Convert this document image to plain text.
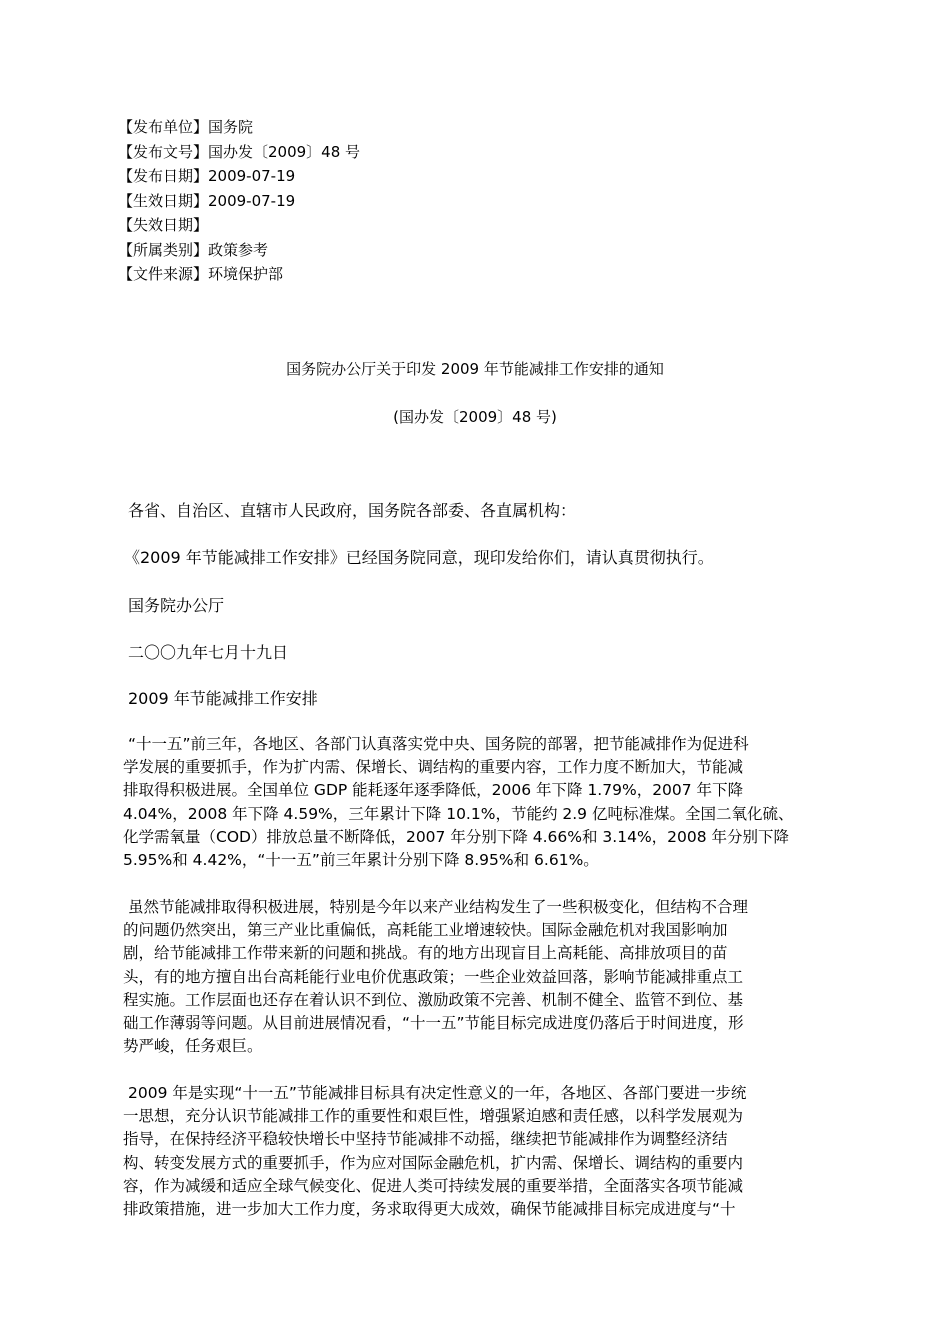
【发布单位】国务院
【发布文号】国办发〔2009〕48 号
【发布日期】2009-07-19
【生效日期】2009-07-19
【失效日期】
【所属类别】政策参考
【文件来源】环境保护部
国务院办公厅关于印发 2009 年节能减排工作安排的通知
(国办发〔2009〕48 号)
各省、自治区、直辖市人民政府，国务院各部委、各直属机构：
《2009 年节能减排工作安排》已经国务院同意，现印发给你们，请认真贯彻执行。
国务院办公厅
二〇〇九年七月十九日
2009 年节能减排工作安排
“十一五”前三年，各地区、各部门认真落实党中央、国务院的部署，把节能减排作为促进科
学发展的重要抓手，作为扩内需、保增长、调结构的重要内容，工作力度不断加大，节能减
排取得积极进展。全国单位 GDP 能耗逐年逐季降低，2006 年下降 1.79%，2007 年下降
4.04%，2008 年下降 4.59%，三年累计下降 10.1%，节能约 2.9 亿吨标准煤。全国二氧化硫、
化学需氧量（COD）排放总量不断降低，2007 年分别下降 4.66%和 3.14%，2008 年分别下降
5.95%和 4.42%，“十一五”前三年累计分别下降 8.95%和 6.61%。
虽然节能减排取得积极进展，特别是今年以来产业结构发生了一些积极变化，但结构不合理
的问题仍然突出，第三产业比重偏低，高耗能工业增速较快。国际金融危机对我国影响加
剧，给节能减排工作带来新的问题和挑战。有的地方出现盲目上高耗能、高排放项目的苗
头，有的地方擅自出台高耗能行业电价优惠政策；一些企业效益回落，影响节能减排重点工
程实施。工作层面也还存在着认识不到位、激励政策不完善、机制不健全、监管不到位、基
础工作薄弱等问题。从目前进展情况看，“十一五”节能目标完成进度仍落后于时间进度，形
势严峻，任务艰巨。
2009 年是实现“十一五”节能减排目标具有决定性意义的一年，各地区、各部门要进一步统
一思想，充分认识节能减排工作的重要性和艰巨性，增强紧迫感和责任感，以科学发展观为
指导，在保持经济平稳较快增长中坚持节能减排不动摇，继续把节能减排作为调整经济结
构、转变发展方式的重要抓手，作为应对国际金融危机，扩内需、保增长、调结构的重要内
容，作为减缓和适应全球气候变化、促进人类可持续发展的重要举措，全面落实各项节能减
排政策措施，进一步加大工作力度，务求取得更大成效，确保节能减排目标完成进度与“十
